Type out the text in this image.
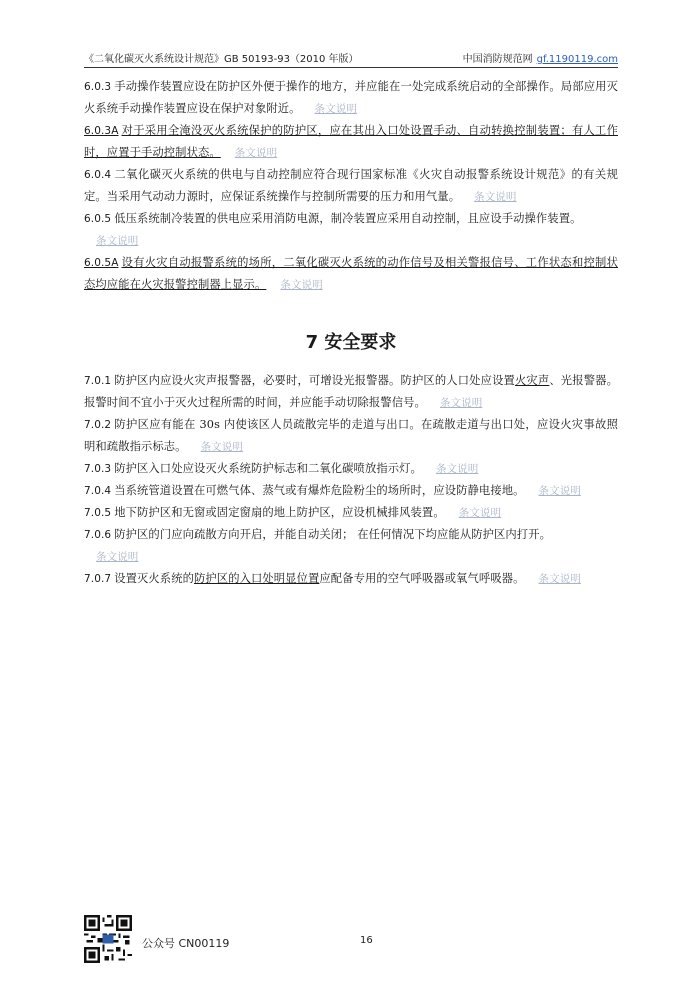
《二氧化碳灭火系统设计规范》GB 50193-93（2010 年版）	中国消防规范网 gf.1190119.com

6.0.3 手动操作装置应设在防护区外便于操作的地方，并应能在一处完成系统启动的全部操作。局部应用灭火系统手动操作装置应设在保护对象附近。 条文说明

6.0.3A 对于采用全淹没灭火系统保护的防护区，应在其出入口处设置手动、自动转换控制装置；有人工作时，应置于手动控制状态。 条文说明

6.0.4 二氧化碳灭火系统的供电与自动控制应符合现行国家标准《火灾自动报警系统设计规范》的有关规定。当采用气动动力源时，应保证系统操作与控制所需要的压力和用气量。 条文说明

6.0.5 低压系统制冷装置的供电应采用消防电源，制冷装置应采用自动控制，且应设手动操作装置。
条文说明

6.0.5A 设有火灾自动报警系统的场所，二氧化碳灭火系统的动作信号及相关警报信号、工作状态和控制状态均应能在火灾报警控制器上显示。 条文说明

7 安全要求

7.0.1 防护区内应设火灾声报警器，必要时，可增设光报警器。防护区的人口处应设置火灾声、光报警器。报警时间不宜小于灭火过程所需的时间，并应能手动切除报警信号。 条文说明

7.0.2 防护区应有能在 30s 内使该区人员疏散完毕的走道与出口。在疏散走道与出口处，应设火灾事故照明和疏散指示标志。 条文说明

7.0.3 防护区入口处应设灭火系统防护标志和二氧化碳喷放指示灯。 条文说明

7.0.4 当系统管道设置在可燃气体、蒸气或有爆炸危险粉尘的场所时，应设防静电接地。 条文说明

7.0.5 地下防护区和无窗或固定窗扇的地上防护区，应设机械排风装置。 条文说明

7.0.6 防护区的门应向疏散方向开启，并能自动关闭； 在任何情况下均应能从防护区内打开。
条文说明

7.0.7 设置灭火系统的防护区的入口处明显位置应配备专用的空气呼吸器或氧气呼吸器。 条文说明

公众号 CN00119	16
